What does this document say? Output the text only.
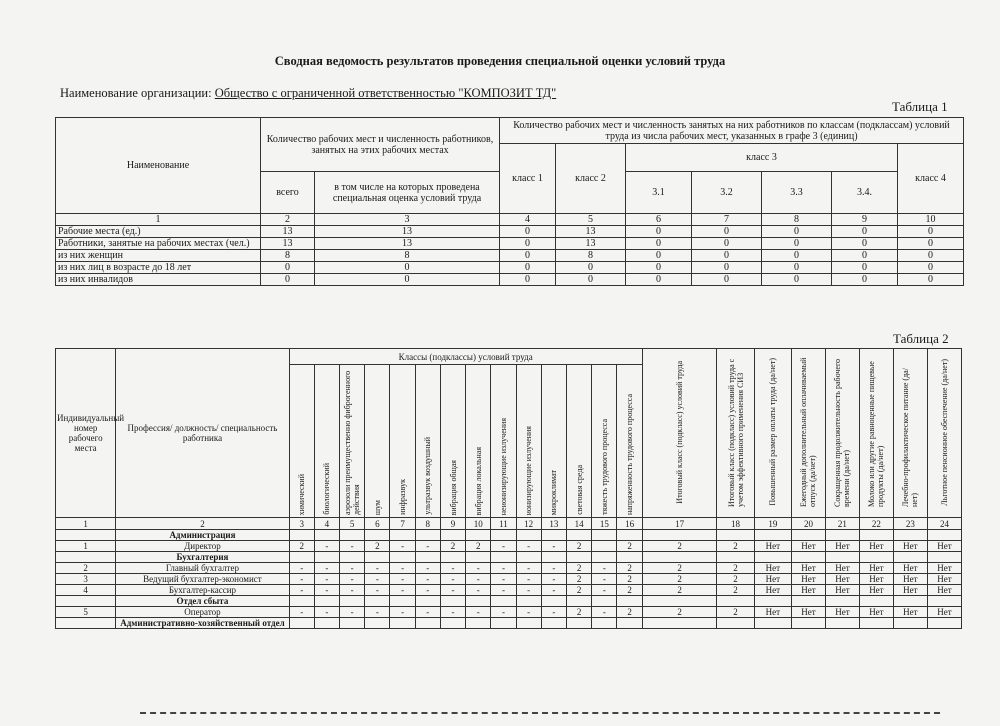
Сводная ведомость результатов проведения специальной оценки условий труда
Наименование организации: Общество с ограниченной ответственностью "КОМПОЗИТ ТД"
Таблица 1
Наименование	Количество рабочих мест и численность работников, занятых на этих рабочих местах		Количество рабочих мест и численность занятых на них работников по классам (подклассам) условий труда из числа рабочих мест, указанных в графе 3 (единиц)						
			класс 1	класс 2	класс 3				класс 4
	всего	в том числе на которых проведена специальная оценка условий труда			3.1	3.2	3.3	3.4.	
1	2	3	4	5	6	7	8	9	10
Рабочие места (ед.)	13	13	0	13	0	0	0	0	0
Работники, занятые на рабочих местах (чел.)	13	13	0	13	0	0	0	0	0
из них женщин	8	8	0	8	0	0	0	0	0
из них лиц в возрасте до 18 лет	0	0	0	0	0	0	0	0	0
из них инвалидов	0	0	0	0	0	0	0	0	0
Таблица 2
Индивидуальный номер рабочего места	Профессия/ должность/ специальность работника	Классы (подклассы) условий труда														Итоговый класс (подкласс) условий труда	Итоговый класс (подкласс) условий труда с учетом эффективного применения СИЗ	Повышенный размер оплаты труда (да/нет)	Ежегодный дополнительный оплачиваемый отпуск (да/нет)	Сокращенная продолжительность рабочего времени (да/нет)	Молоко или другие равноценные пищевые продукты (да/нет)	Лечебно-профилактическое питание (да/нет)	Льготное пенсионное обеспечение (да/нет)
		химический	биологический	аэрозоли преимущественно фиброгенного действия	шум	инфразвук	ультразвук воздушный	вибрация общая	вибрация локальная	неионизирующие излучения	ионизирующие излучения	микроклимат	световая среда	тяжесть трудового процесса	напряженность трудового процесса								
1	2	3	4	5	6	7	8	9	10	11	12	13	14	15	16	17	18	19	20	21	22	23	24
	Администрация																						
1	Директор	2	-	-	2	-	-	2	2	-	-	-	2		2	2	2	Нет	Нет	Нет	Нет	Нет	Нет
	Бухгалтерия																						
2	Главный бухгалтер	-	-	-	-	-	-	-	-	-	-	-	2	-	2	2	2	Нет	Нет	Нет	Нет	Нет	Нет
3	Ведущий бухгалтер-экономист	-	-	-	-	-	-	-	-	-	-	-	2	-	2	2	2	Нет	Нет	Нет	Нет	Нет	Нет
4	Бухгалтер-кассир	-	-	-	-	-	-	-	-	-	-	-	2	-	2	2	2	Нет	Нет	Нет	Нет	Нет	Нет
	Отдел сбыта																						
5	Оператор	-	-	-	-	-	-	-	-	-	-	-	2	-	2	2	2	Нет	Нет	Нет	Нет	Нет	Нет
	Административно-хозяйственный отдел																						
